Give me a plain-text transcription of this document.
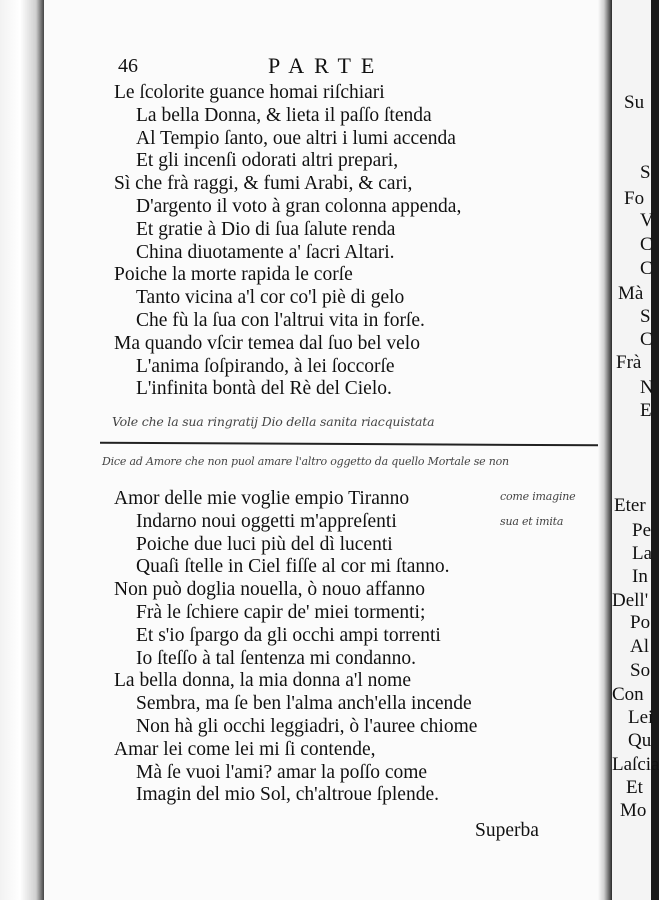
46	PARTE
Le ſcolorite guance homai riſchiari
La bella Donna, & lieta il paſſo ſtenda
Al Tempio ſanto, oue altri i lumi accenda
Et gli incenſi odorati altri prepari,
Sì che frà raggi, & fumi Arabi, & cari,
D'argento il voto à gran colonna appenda,
Et gratie à Dio di ſua ſalute renda
China diuotamente a' ſacri Altari.
Poiche la morte rapida le corſe
Tanto vicina a'l cor co'l piè di gelo
Che fù la ſua con l'altrui vita in forſe.
Ma quando vſcir temea dal ſuo bel velo
L'anima ſoſpirando, à lei ſoccorſe
L'infinita bontà del Rè del Cielo.
Vole che la sua ringratij Dio della sanita riacquistata
Dice ad Amore che non puol amare l'altro oggetto da quello Mortale se non
come imagine
sua et imita
Amor delle mie voglie empio Tiranno
Indarno noui oggetti m'appreſenti
Poiche due luci più del dì lucenti
Quaſi ſtelle in Ciel fiſſe al cor mi ſtanno.
Non può doglia nouella, ò nouo affanno
Frà le ſchiere capir de' miei tormenti;
Et s'io ſpargo da gli occhi ampi torrenti
Io ſteſſo à tal ſentenza mi condanno.
La bella donna, la mia donna a'l nome
Sembra, ma ſe ben l'alma anch'ella incende
Non hà gli occhi leggiadri, ò l'auree chiome
Amar lei come lei mi ſi contende,
Mà ſe vuoi l'ami? amar la poſſo come
Imagin del mio Sol, ch'altroue ſplende.
Superba
Su
S
Fo
V
C
C
Mà
S
C
Frà
N
E
Eter
Pe
La
In
Dell'
Po
Al
So
Con
Lei
Qu
Laſcia
Et
Mo
